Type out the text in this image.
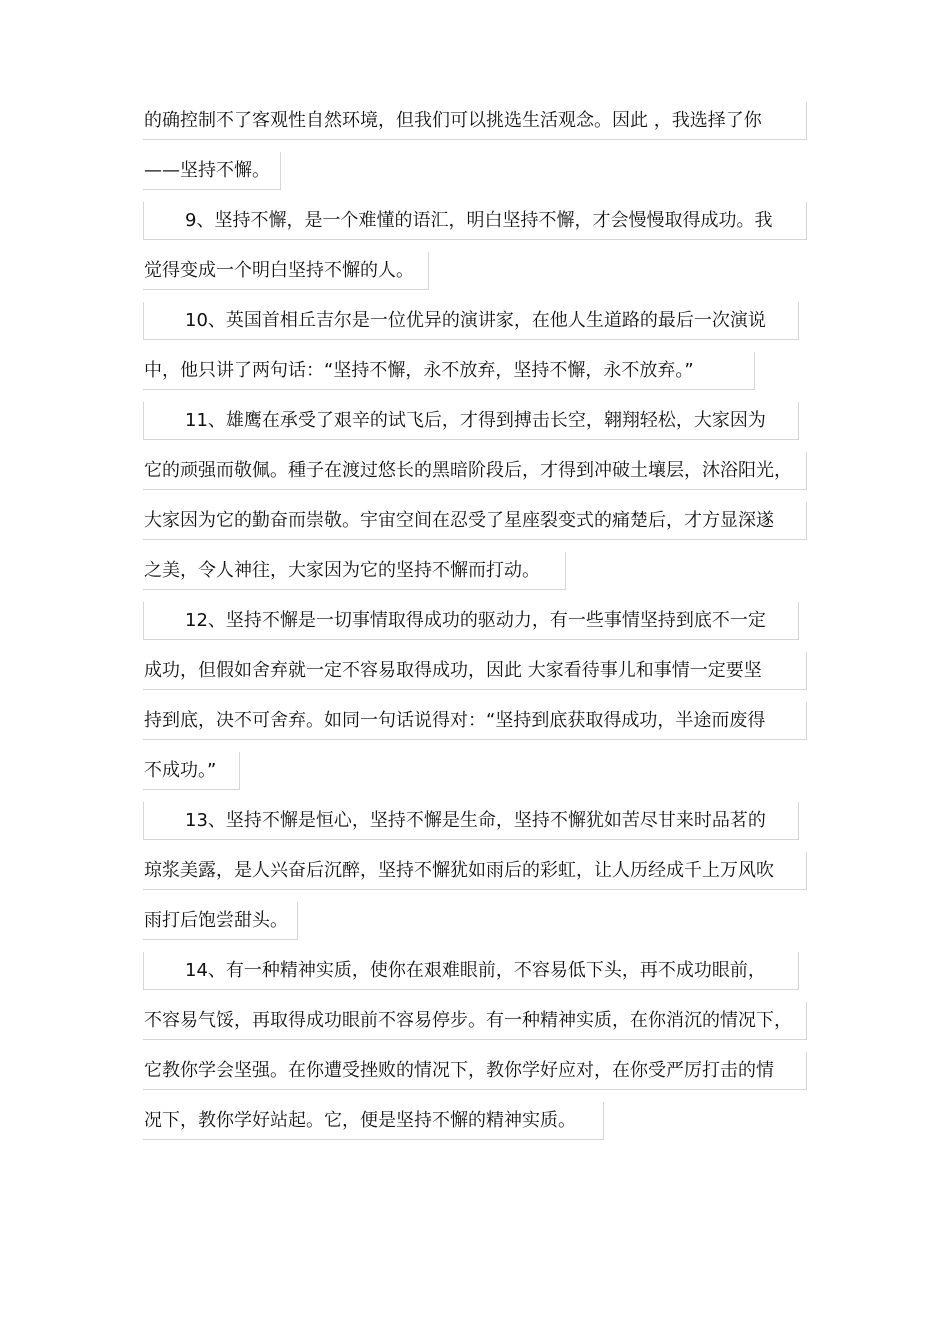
的确控制不了客观性自然环境，但我们可以挑选生活观念。因此 ，我选择了你
——坚持不懈。
9、坚持不懈，是一个难懂的语汇，明白坚持不懈，才会慢慢取得成功。我
觉得变成一个明白坚持不懈的人。
10、英国首相丘吉尔是一位优异的演讲家，在他人生道路的最后一次演说
中，他只讲了两句话：“坚持不懈，永不放弃，坚持不懈，永不放弃。”
11、雄鹰在承受了艰辛的试飞后，才得到搏击长空，翱翔轻松，大家因为
它的顽强而敬佩。種子在渡过悠长的黑暗阶段后，才得到冲破土壤层，沐浴阳光，
大家因为它的勤奋而崇敬。宇宙空间在忍受了星座裂变式的痛楚后，才方显深遂
之美，令人神往，大家因为它的坚持不懈而打动。
12、坚持不懈是一切事情取得成功的驱动力，有一些事情坚持到底不一定
成功，但假如舍弃就一定不容易取得成功，因此 大家看待事儿和事情一定要坚
持到底，决不可舍弃。如同一句话说得对：“坚持到底获取得成功，半途而废得
不成功。”
13、坚持不懈是恒心，坚持不懈是生命，坚持不懈犹如苦尽甘来时品茗的
琼浆美露，是人兴奋后沉醉，坚持不懈犹如雨后的彩虹，让人历经成千上万风吹
雨打后饱尝甜头。
14、有一种精神实质，使你在艰难眼前，不容易低下头，再不成功眼前，
不容易气馁，再取得成功眼前不容易停步。有一种精神实质，在你消沉的情况下，
它教你学会坚强。在你遭受挫败的情况下，教你学好应对，在你受严厉打击的情
况下，教你学好站起。它，便是坚持不懈的精神实质。
